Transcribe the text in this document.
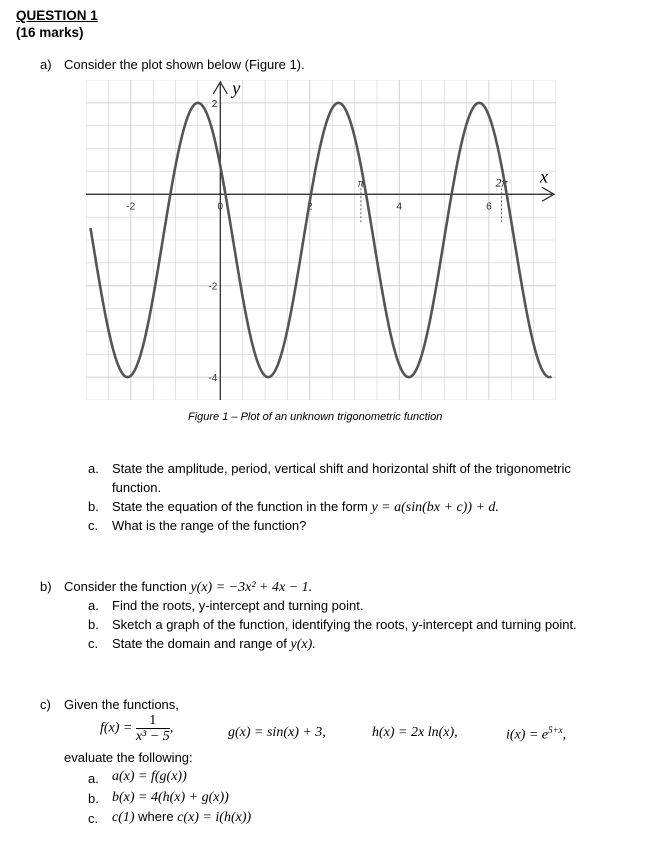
QUESTION 1
(16 marks)
a) Consider the plot shown below (Figure 1).
x
y
-2	0	2	4	6
2
-2
-4
π	2π
Figure 1 – Plot of an unknown trigonometric function
a. State the amplitude, period, vertical shift and horizontal shift of the trigonometric
function.
b. State the equation of the function in the form y = a(sin(bx + c)) + d.
c. What is the range of the function?
b) Consider the function y(x) = −3x² + 4x − 1.
a. Find the roots, y-intercept and turning point.
b. Sketch a graph of the function, identifying the roots, y-intercept and turning point.
c. State the domain and range of y(x).
c) Given the functions,
$f(x) = \frac{1}{\text{x³ − 5}}$ ,	g(x) = sin(x) + 3,	h(x) = 2x ln(x),	$i(x) = e^{5+x}$,
evaluate the following:
a. a(x) = f(g(x))
b. b(x) = 4(h(x) + g(x))
c. c(1) where c(x) = i(h(x))
